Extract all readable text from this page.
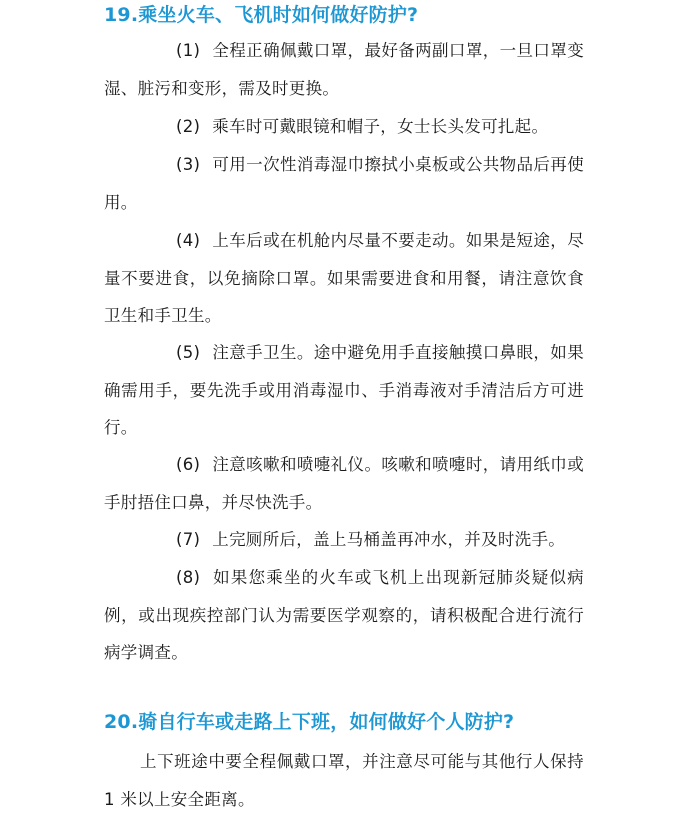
19.乘坐火车、飞机时如何做好防护?
(1) 全程正确佩戴口罩，最好备两副口罩，一旦口罩变湿、脏污和变形，需及时更换。
(2) 乘车时可戴眼镜和帽子，女士长头发可扎起。
(3) 可用一次性消毒湿巾擦拭小桌板或公共物品后再使用。
(4) 上车后或在机舱内尽量不要走动。如果是短途，尽量不要进食，以免摘除口罩。如果需要进食和用餐，请注意饮食卫生和手卫生。
(5) 注意手卫生。途中避免用手直接触摸口鼻眼，如果确需用手，要先洗手或用消毒湿巾、手消毒液对手清洁后方可进行。
(6) 注意咳嗽和喷嚏礼仪。咳嗽和喷嚏时，请用纸巾或手肘捂住口鼻，并尽快洗手。
(7) 上完厕所后，盖上马桶盖再冲水，并及时洗手。
(8) 如果您乘坐的火车或飞机上出现新冠肺炎疑似病例，或出现疾控部门认为需要医学观察的，请积极配合进行流行病学调查。
20.骑自行车或走路上下班，如何做好个人防护?
上下班途中要全程佩戴口罩，并注意尽可能与其他行人保持 1 米以上安全距离。
